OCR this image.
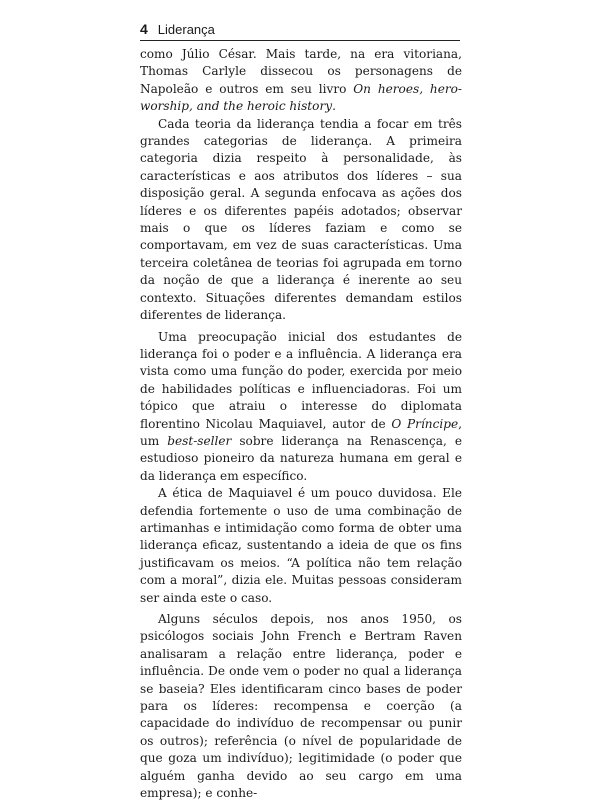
4 Liderança

como Júlio César. Mais tarde, na era vitoriana, Thomas Carlyle dissecou os personagens de Napoleão e outros em seu livro On heroes, hero-worship, and the heroic history.

Cada teoria da liderança tendia a focar em três grandes categorias de liderança. A primeira categoria dizia respeito à personalidade, às características e aos atributos dos líderes – sua disposição geral. A segunda enfocava as ações dos líderes e os diferentes papéis adotados; observar mais o que os líderes faziam e como se comportavam, em vez de suas características. Uma terceira coletânea de teorias foi agrupada em torno da noção de que a liderança é inerente ao seu contexto. Situações diferentes demandam estilos diferentes de liderança.

Uma preocupação inicial dos estudantes de liderança foi o poder e a influência. A liderança era vista como uma função do poder, exercida por meio de habilidades políticas e influenciadoras. Foi um tópico que atraiu o interesse do diplomata florentino Nicolau Maquiavel, autor de O Príncipe, um best-seller sobre liderança na Renascença, e estudioso pioneiro da natureza humana em geral e da liderança em específico.

A ética de Maquiavel é um pouco duvidosa. Ele defendia fortemente o uso de uma combinação de artimanhas e intimidação como forma de obter uma liderança eficaz, sustentando a ideia de que os fins justificavam os meios. “A política não tem relação com a moral”, dizia ele. Muitas pessoas consideram ser ainda este o caso.

Alguns séculos depois, nos anos 1950, os psicólogos sociais John French e Bertram Raven analisaram a relação entre liderança, poder e influência. De onde vem o poder no qual a liderança se baseia? Eles identificaram cinco bases de poder para os líderes: recompensa e coerção (a capacidade do indivíduo de recompensar ou punir os outros); referência (o nível de popularidade de que goza um indivíduo); legitimidade (o poder que alguém ganha devido ao seu cargo em uma empresa); e conhe-
